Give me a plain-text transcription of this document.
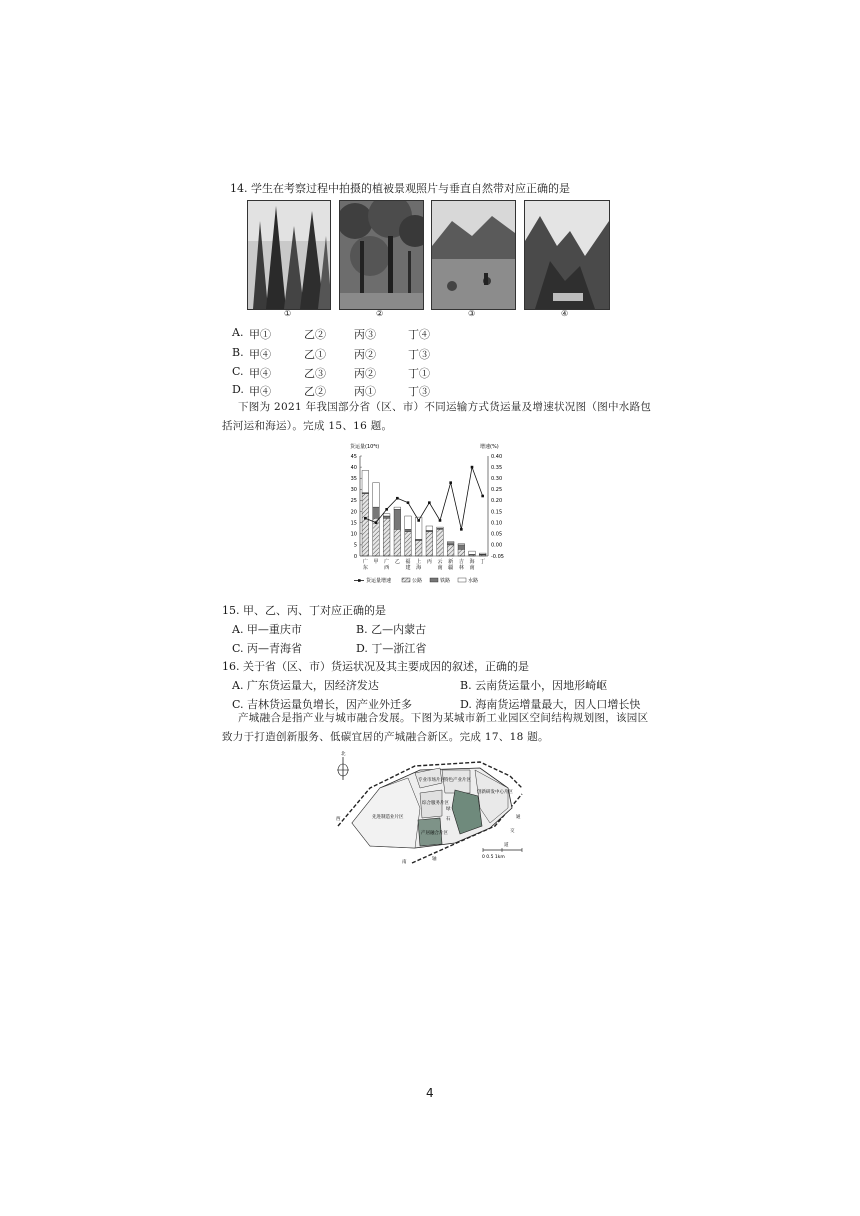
14. 学生在考察过程中拍摄的植被景观照片与垂直自然带对应正确的是
①	②	③	④
A. 甲①	乙②	丙③	丁④
B. 甲④	乙①	丙②	丁③
C. 甲④	乙③	丙②	丁①
D. 甲④	乙②	丙①	丁③
下图为 2021 年我国部分省（区、市）不同运输方式货运量及增速状况图（图中水路包
括河运和海运）。完成 15、16 题。
货运量(10⁸t)	增速(%)
0
5
10
15
20
25
30
35
40
45
-0.05
0.00
0.05
0.10
0.15
0.20
0.25
0.30
0.35
0.40
广
东
甲 广
西
乙 福
建
上
海
丙 云
南
新
疆
吉
林
海
南
丁
货运量增速	公路	铁路	水路
15. 甲、乙、丙、丁对应正确的是
A. 甲—重庆市	B. 乙—内蒙古
C. 丙—青海省	D. 丁—浙江省
16. 关于省（区、市）货运状况及其主要成因的叙述，正确的是
A. 广东货运量大，因经济发达	B. 云南货运量小，因地形崎岖
C. 吉林货运量负增长，因产业外迁多	D. 海南货运增量最大，因人口增长快
产城融合是指产业与城市融合发展。下图为某城市新工业园区空间结构规划图，该园区
致力于打造创新服务、低碳宜居的产城融合新区。完成 17、18 题。
北
先进制造业片区
专业市场片区 特色产业片区
创新研发中心片区
综合服务片区
产居融合片区
西
南
绿
石
轴
交
通
道
0 0.5 1km
4
